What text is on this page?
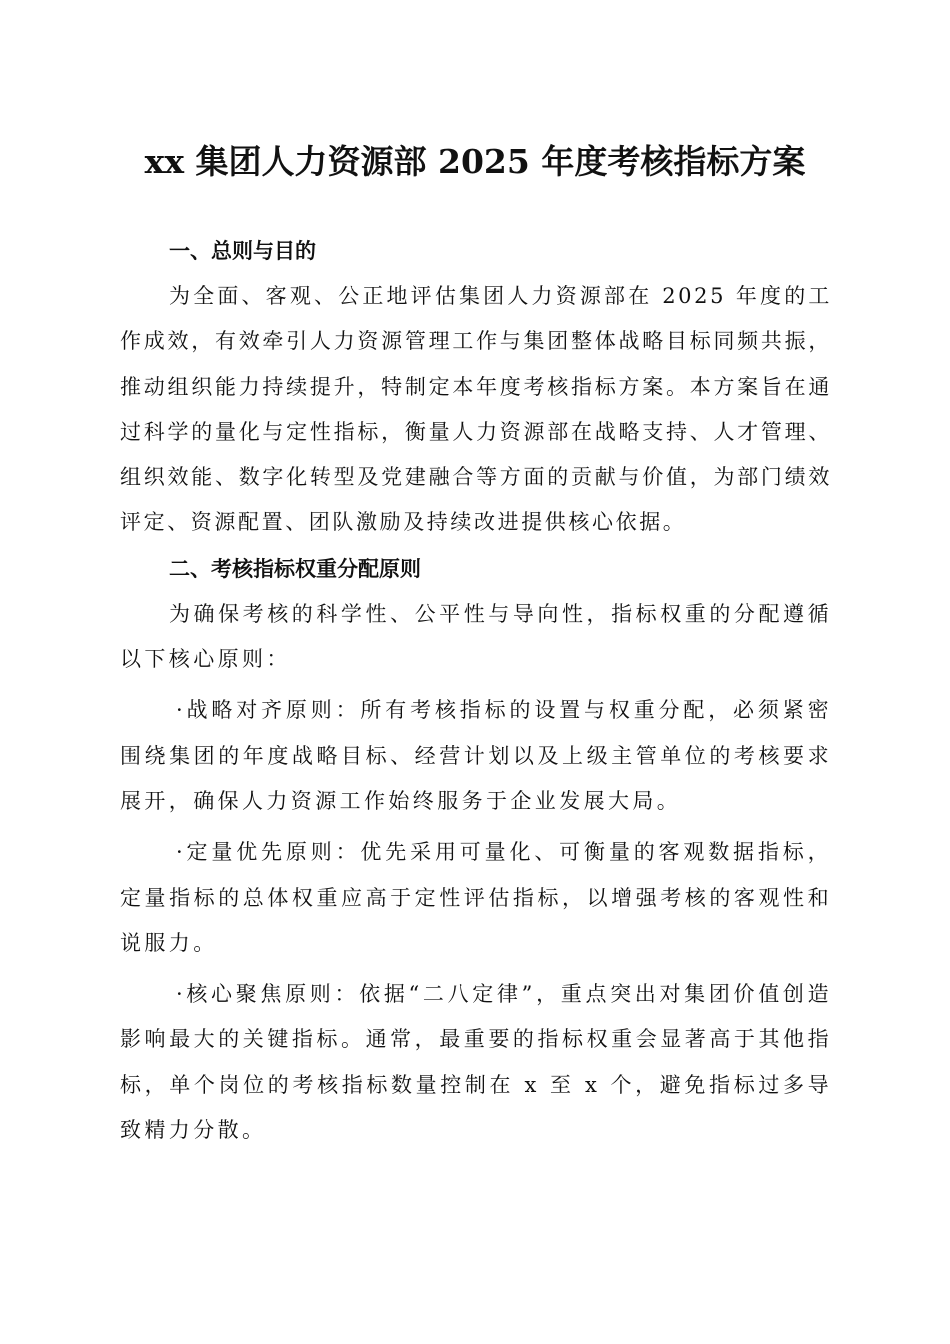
xx 集团人力资源部 2025 年度考核指标方案
一、总则与目的

为全面、客观、公正地评估集团人力资源部在 2025 年度的工作成效，有效牵引人力资源管理工作与集团整体战略目标同频共振，推动组织能力持续提升，特制定本年度考核指标方案。本方案旨在通过科学的量化与定性指标，衡量人力资源部在战略支持、人才管理、组织效能、数字化转型及党建融合等方面的贡献与价值，为部门绩效评定、资源配置、团队激励及持续改进提供核心依据。

二、考核指标权重分配原则

为确保考核的科学性、公平性与导向性，指标权重的分配遵循以下核心原则：

·战略对齐原则：所有考核指标的设置与权重分配，必须紧密围绕集团的年度战略目标、经营计划以及上级主管单位的考核要求展开，确保人力资源工作始终服务于企业发展大局。

·定量优先原则：优先采用可量化、可衡量的客观数据指标，定量指标的总体权重应高于定性评估指标，以增强考核的客观性和说服力。

·核心聚焦原则：依据“二八定律”，重点突出对集团价值创造影响最大的关键指标。通常，最重要的指标权重会显著高于其他指标，单个岗位的考核指标数量控制在 x 至 x 个，避免指标过多导致精力分散。
